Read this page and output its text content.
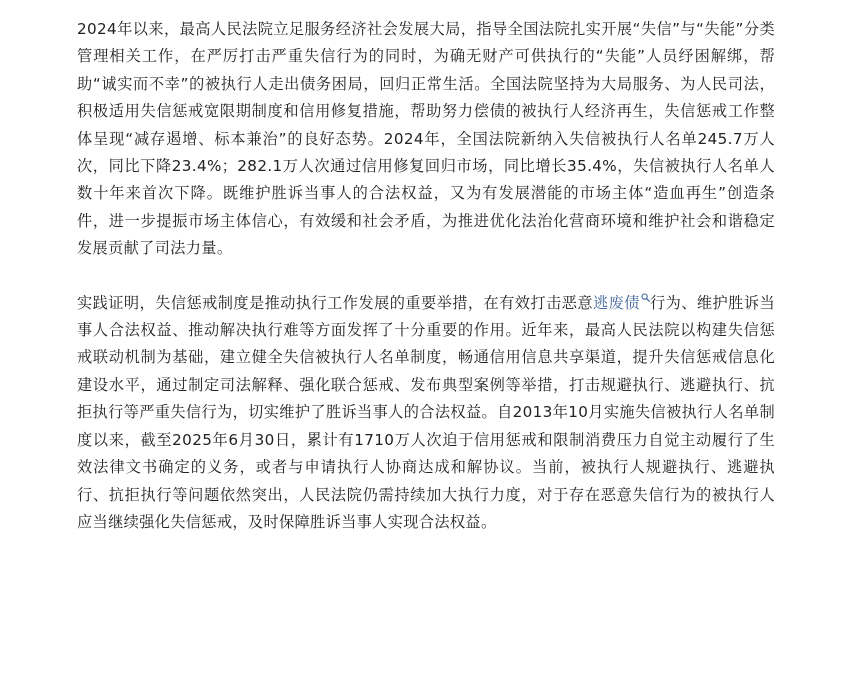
2024年以来，最高人民法院立足服务经济社会发展大局，指导全国法院扎实开展“失信”与“失能”分类管理相关工作，在严厉打击严重失信行为的同时，为确无财产可供执行的“失能”人员纾困解绑，帮助“诚实而不幸”的被执行人走出债务困局，回归正常生活。全国法院坚持为大局服务、为人民司法，积极适用失信惩戒宽限期制度和信用修复措施，帮助努力偿债的被执行人经济再生，失信惩戒工作整体呈现“减存遏增、标本兼治”的良好态势。2024年，全国法院新纳入失信被执行人名单245.7万人次，同比下降23.4%；282.1万人次通过信用修复回归市场，同比增长35.4%，失信被执行人名单人数十年来首次下降。既维护胜诉当事人的合法权益，又为有发展潜能的市场主体“造血再生”创造条件，进一步提振市场主体信心，有效缓和社会矛盾，为推进优化法治化营商环境和维护社会和谐稳定发展贡献了司法力量。

实践证明，失信惩戒制度是推动执行工作发展的重要举措，在有效打击恶意逃废债 行为、维护胜诉当事人合法权益、推动解决执行难等方面发挥了十分重要的作用。近年来，最高人民法院以构建失信惩戒联动机制为基础，建立健全失信被执行人名单制度，畅通信用信息共享渠道，提升失信惩戒信息化建设水平，通过制定司法解释、强化联合惩戒、发布典型案例等举措，打击规避执行、逃避执行、抗拒执行等严重失信行为，切实维护了胜诉当事人的合法权益。自2013年10月实施失信被执行人名单制度以来，截至2025年6月30日，累计有1710万人次迫于信用惩戒和限制消费压力自觉主动履行了生效法律文书确定的义务，或者与申请执行人协商达成和解协议。当前，被执行人规避执行、逃避执行、抗拒执行等问题依然突出，人民法院仍需持续加大执行力度，对于存在恶意失信行为的被执行人应当继续强化失信惩戒，及时保障胜诉当事人实现合法权益。
